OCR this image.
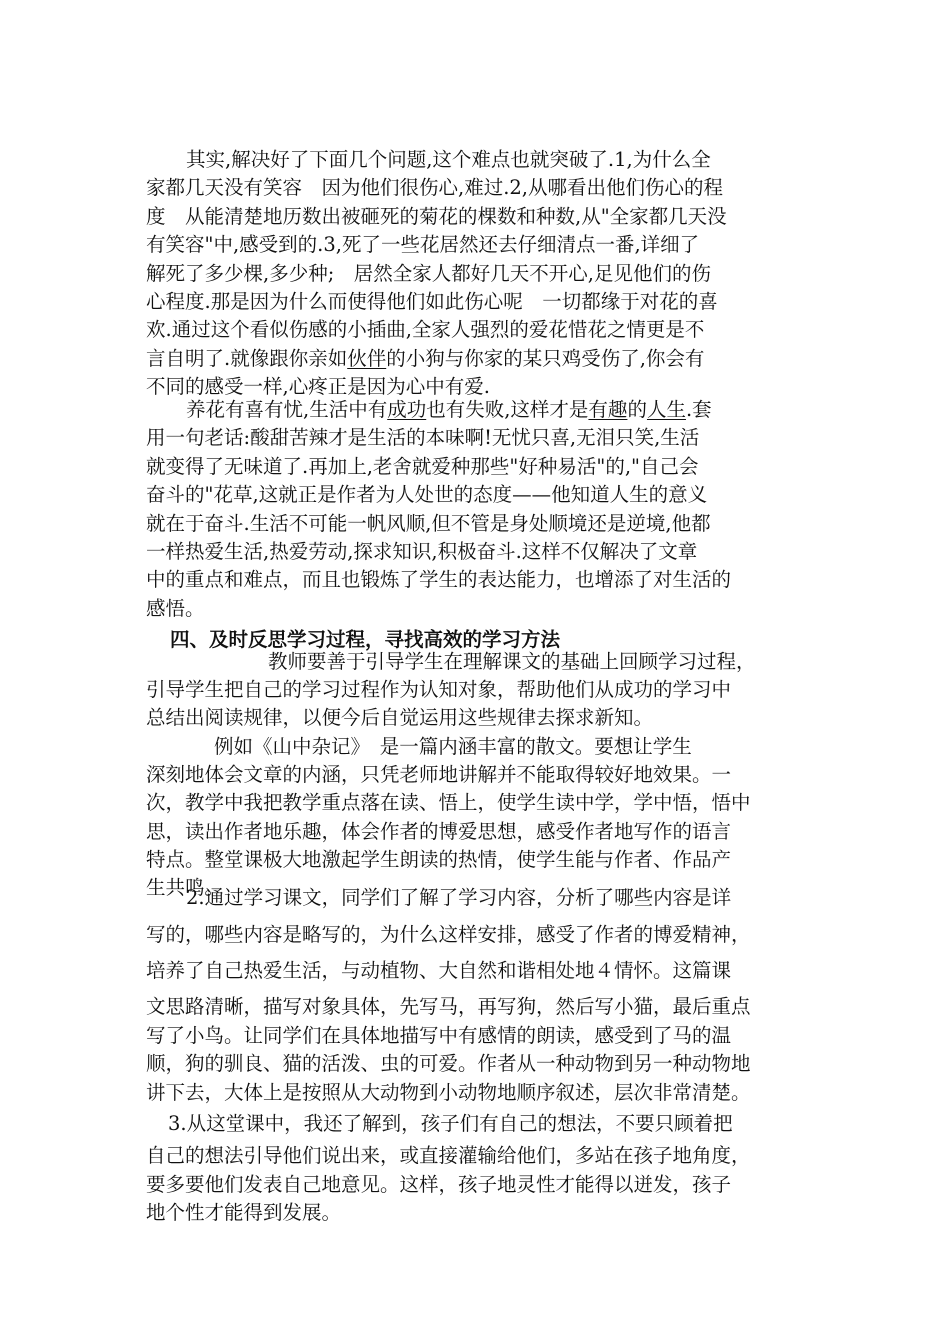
其实,解决好了下面几个问题,这个难点也就突破了.1,为什么全
家都几天没有笑容　因为他们很伤心,难过.2,从哪看出他们伤心的程
度　从能清楚地历数出被砸死的菊花的棵数和种数,从"全家都几天没
有笑容"中,感受到的.3,死了一些花居然还去仔细清点一番,详细了
解死了多少棵,多少种;　居然全家人都好几天不开心,足见他们的伤
心程度.那是因为什么而使得他们如此伤心呢　一切都缘于对花的喜
欢.通过这个看似伤感的小插曲,全家人强烈的爱花惜花之情更是不
言自明了.就像跟你亲如伙伴的小狗与你家的某只鸡受伤了,你会有
不同的感受一样,心疼正是因为心中有爱.
养花有喜有忧,生活中有成功也有失败,这样才是有趣的人生.套
用一句老话:酸甜苦辣才是生活的本味啊!无忧只喜,无泪只笑,生活
就变得了无味道了.再加上,老舍就爱种那些"好种易活"的,"自己会
奋斗的"花草,这就正是作者为人处世的态度——他知道人生的意义
就在于奋斗.生活不可能一帆风顺,但不管是身处顺境还是逆境,他都
一样热爱生活,热爱劳动,探求知识,积极奋斗.这样不仅解决了文章
中的重点和难点，而且也锻炼了学生的表达能力，也增添了对生活的
感悟。

四、及时反思学习过程，寻找高效的学习方法

教师要善于引导学生在理解课文的基础上回顾学习过程，
引导学生把自己的学习过程作为认知对象，帮助他们从成功的学习中
总结出阅读规律，以便今后自觉运用这些规律去探求新知。
例如《山中杂记》　是一篇内涵丰富的散文。要想让学生
深刻地体会文章的内涵，只凭老师地讲解并不能取得较好地效果。一
次，教学中我把教学重点落在读、悟上，使学生读中学，学中悟，悟中
思，读出作者地乐趣，体会作者的博爱思想，感受作者地写作的语言
特点。整堂课极大地激起学生朗读的热情，使学生能与作者、作品产
生共鸣。
2.通过学习课文，同学们了解了学习内容，分析了哪些内容是详
写的，哪些内容是略写的，为什么这样安排，感受了作者的博爱精神，
培养了自己热爱生活，与动植物、大自然和谐相处地４情怀。这篇课
文思路清晰，描写对象具体，先写马，再写狗，然后写小猫，最后重点
写了小鸟。让同学们在具体地描写中有感情的朗读，感受到了马的温
顺，狗的驯良、猫的活泼、虫的可爱。作者从一种动物到另一种动物地
讲下去，大体上是按照从大动物到小动物地顺序叙述，层次非常清楚。
3.从这堂课中，我还了解到，孩子们有自己的想法，不要只顾着把
自己的想法引导他们说出来，或直接灌输给他们，多站在孩子地角度，
要多要他们发表自己地意见。这样，孩子地灵性才能得以迸发，孩子
地个性才能得到发展。
